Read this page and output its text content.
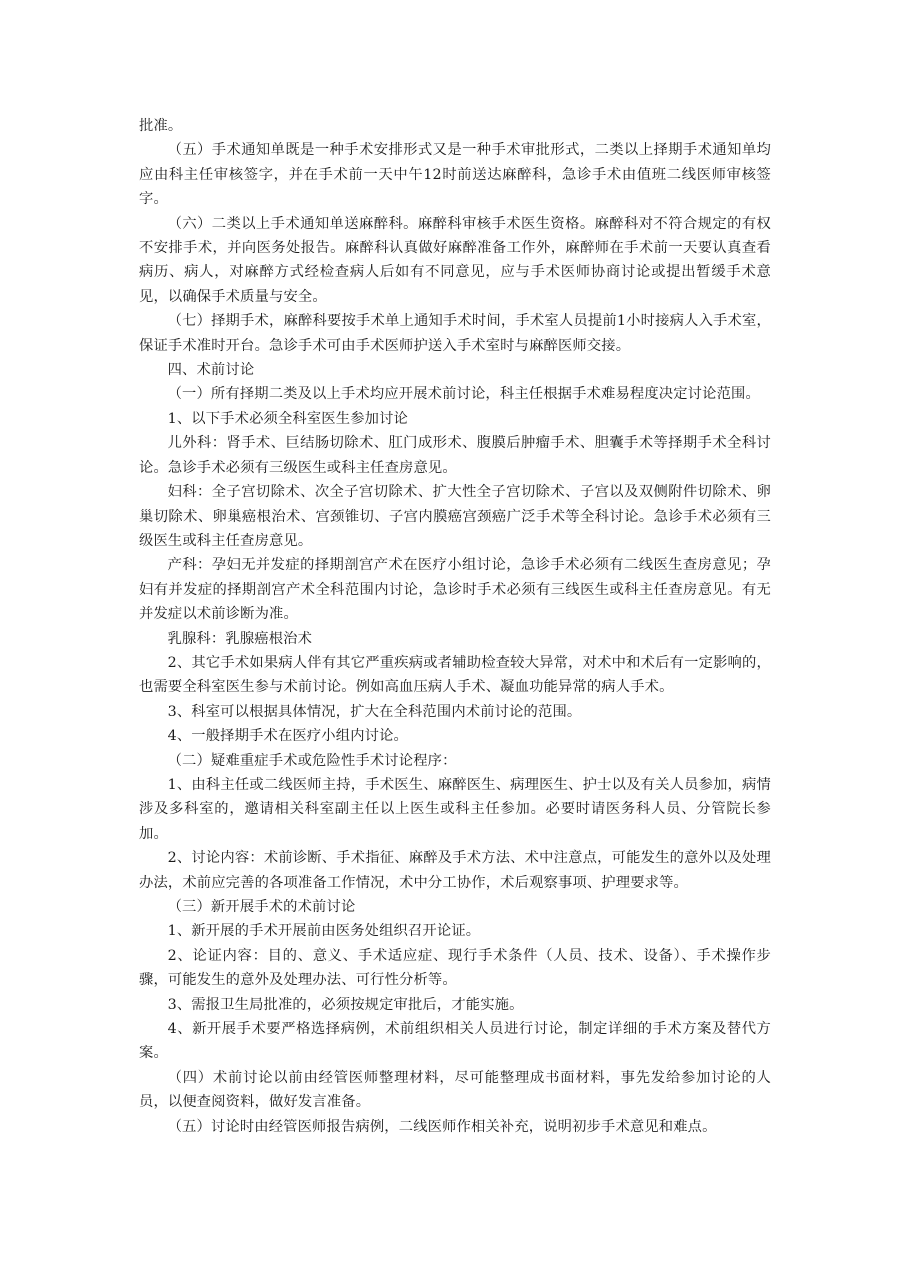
批准。

（五）手术通知单既是一种手术安排形式又是一种手术审批形式，二类以上择期手术通知单均应由科主任审核签字，并在手术前一天中午12时前送达麻醉科，急诊手术由值班二线医师审核签字。

（六）二类以上手术通知单送麻醉科。麻醉科审核手术医生资格。麻醉科对不符合规定的有权不安排手术，并向医务处报告。麻醉科认真做好麻醉准备工作外，麻醉师在手术前一天要认真查看病历、病人，对麻醉方式经检查病人后如有不同意见，应与手术医师协商讨论或提出暂缓手术意见，以确保手术质量与安全。

（七）择期手术，麻醉科要按手术单上通知手术时间，手术室人员提前1小时接病人入手术室，保证手术准时开台。急诊手术可由手术医师护送入手术室时与麻醉医师交接。

四、术前讨论

（一）所有择期二类及以上手术均应开展术前讨论，科主任根据手术难易程度决定讨论范围。

1、以下手术必须全科室医生参加讨论

儿外科：肾手术、巨结肠切除术、肛门成形术、腹膜后肿瘤手术、胆囊手术等择期手术全科讨论。急诊手术必须有三级医生或科主任查房意见。

妇科：全子宫切除术、次全子宫切除术、扩大性全子宫切除术、子宫以及双侧附件切除术、卵巢切除术、卵巢癌根治术、宫颈锥切、子宫内膜癌宫颈癌广泛手术等全科讨论。急诊手术必须有三级医生或科主任查房意见。

产科：孕妇无并发症的择期剖宫产术在医疗小组讨论，急诊手术必须有二线医生查房意见；孕妇有并发症的择期剖宫产术全科范围内讨论，急诊时手术必须有三线医生或科主任查房意见。有无并发症以术前诊断为准。

乳腺科：乳腺癌根治术

2、其它手术如果病人伴有其它严重疾病或者辅助检查较大异常，对术中和术后有一定影响的，也需要全科室医生参与术前讨论。例如高血压病人手术、凝血功能异常的病人手术。

3、科室可以根据具体情况，扩大在全科范围内术前讨论的范围。

4、一般择期手术在医疗小组内讨论。

（二）疑难重症手术或危险性手术讨论程序：

1、由科主任或二线医师主持，手术医生、麻醉医生、病理医生、护士以及有关人员参加，病情涉及多科室的，邀请相关科室副主任以上医生或科主任参加。必要时请医务科人员、分管院长参加。

2、讨论内容：术前诊断、手术指征、麻醉及手术方法、术中注意点，可能发生的意外以及处理办法，术前应完善的各项准备工作情况，术中分工协作，术后观察事项、护理要求等。

（三）新开展手术的术前讨论

1、新开展的手术开展前由医务处组织召开论证。

2、论证内容：目的、意义、手术适应症、现行手术条件（人员、技术、设备）、手术操作步骤，可能发生的意外及处理办法、可行性分析等。

3、需报卫生局批准的，必须按规定审批后，才能实施。

4、新开展手术要严格选择病例，术前组织相关人员进行讨论，制定详细的手术方案及替代方案。

（四）术前讨论以前由经管医师整理材料，尽可能整理成书面材料，事先发给参加讨论的人员，以便查阅资料，做好发言准备。

（五）讨论时由经管医师报告病例，二线医师作相关补充，说明初步手术意见和难点。
